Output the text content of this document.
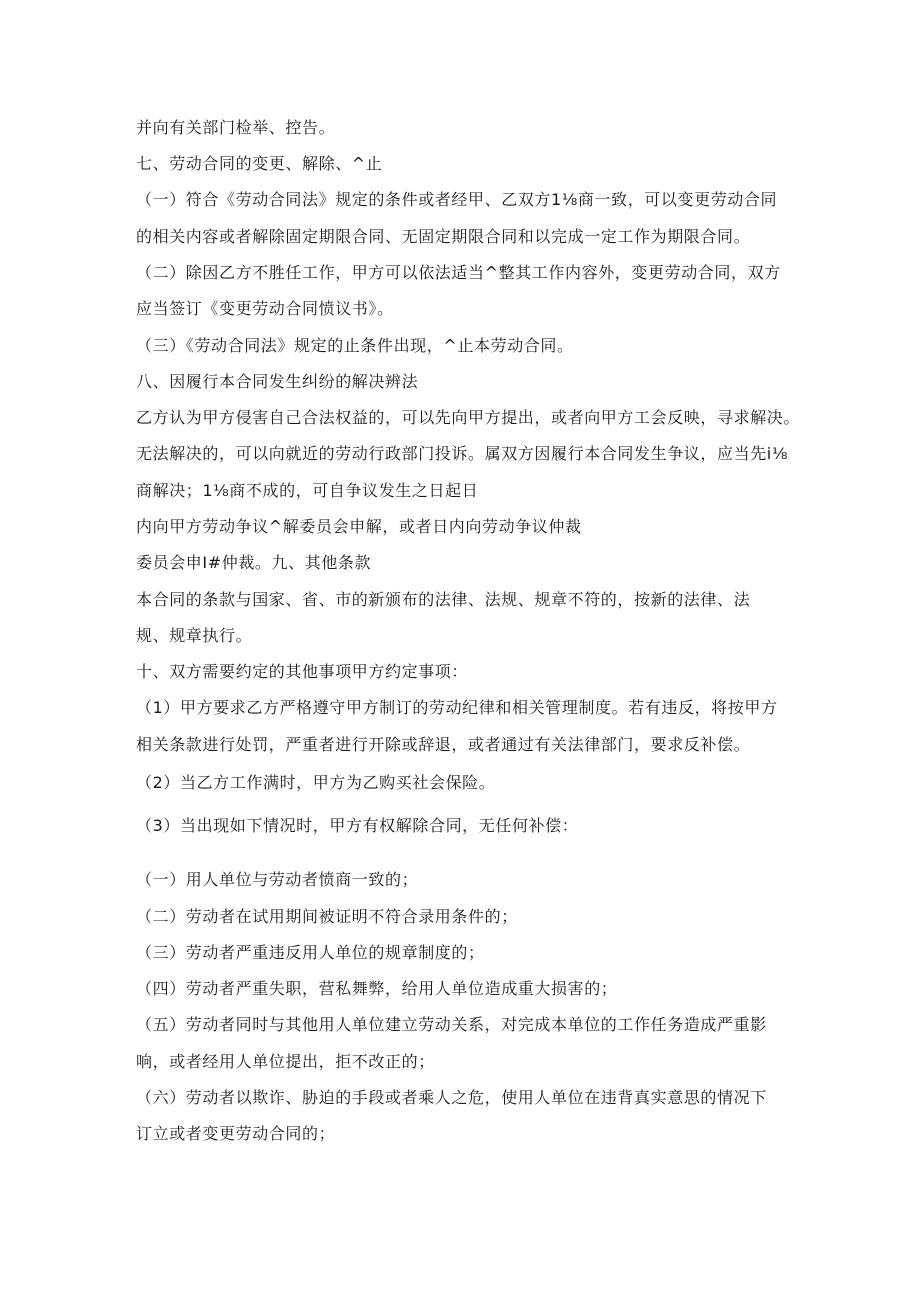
并向有关部门检举、控告。
七、劳动合同的变更、解除、^止
（一）符合《劳动合同法》规定的条件或者经甲、乙双方1⅛商一致，可以变更劳动合同
的相关内容或者解除固定期限合同、无固定期限合同和以完成一定工作为期限合同。
（二）除因乙方不胜任工作，甲方可以依法适当^整其工作内容外，变更劳动合同，双方
应当签订《变更劳动合同愤议书》。
（三）《劳动合同法》规定的止条件出现，^止本劳动合同。
八、因履行本合同发生纠纷的解决辨法
乙方认为甲方侵害自己合法权益的，可以先向甲方提出，或者向甲方工会反映，寻求解决。
无法解决的，可以向就近的劳动行政部门投诉。属双方因履行本合同发生争议，应当先i⅛
商解决；1⅛商不成的，可自争议发生之日起日
内向甲方劳动争议^解委员会申解，或者日内向劳动争议仲裁
委员会申I#仲裁。九、其他条款
本合同的条款与国家、省、市的新颁布的法律、法规、规章不符的，按新的法律、法
规、规章执行。
十、双方需要约定的其他事项甲方约定事项：
（1）甲方要求乙方严格遵守甲方制订的劳动纪律和相关管理制度。若有违反，将按甲方
相关条款进行处罚，严重者进行开除或辞退，或者通过有关法律部门，要求反补偿。
（2）当乙方工作满时，甲方为乙购买社会保险。
（3）当出现如下情况时，甲方有权解除合同，无任何补偿：
（一）用人单位与劳动者愤商一致的；
（二）劳动者在试用期间被证明不符合录用条件的；
（三）劳动者严重违反用人单位的规章制度的；
（四）劳动者严重失职，营私舞弊，给用人单位造成重大损害的；
（五）劳动者同时与其他用人单位建立劳动关系，对完成本单位的工作任务造成严重影
响，或者经用人单位提出，拒不改正的；
（六）劳动者以欺诈、胁迫的手段或者乘人之危，使用人单位在违背真实意思的情况下
订立或者变更劳动合同的；
